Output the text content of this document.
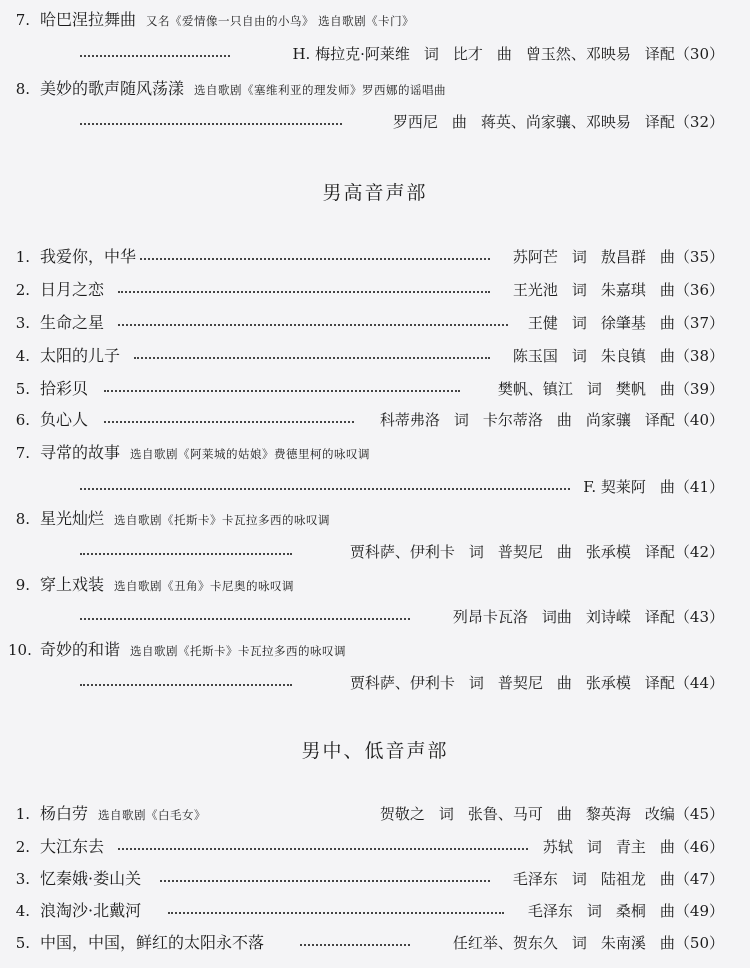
7. 哈巴涅拉舞曲 又名《爱情像一只自由的小鸟》 选自歌剧《卡门》
H. 梅拉克·阿莱维 词 比才 曲 曾玉然、邓映易 译配（30）
8. 美妙的歌声随风荡漾 选自歌剧《塞维利亚的理发师》罗西娜的谣唱曲
罗西尼 曲 蒋英、尚家骧、邓映易 译配（32）
男高音声部
1. 我爱你，中华	苏阿芒 词 敖昌群 曲（35）
2. 日月之恋	王光池 词 朱嘉琪 曲（36）
3. 生命之星	王健 词 徐肇基 曲（37）
4. 太阳的儿子	陈玉国 词 朱良镇 曲（38）
5. 拾彩贝	樊帆、镇江 词 樊帆 曲（39）
6. 负心人	科蒂弗洛 词 卡尔蒂洛 曲 尚家骧 译配（40）
7. 寻常的故事 选自歌剧《阿莱城的姑娘》费德里柯的咏叹调
F. 契莱阿 曲（41）
8. 星光灿烂 选自歌剧《托斯卡》卡瓦拉多西的咏叹调
贾科萨、伊利卡 词 普契尼 曲 张承模 译配（42）
9. 穿上戏装 选自歌剧《丑角》卡尼奥的咏叹调
列昂卡瓦洛 词曲 刘诗嵘 译配（43）
10. 奇妙的和谐 选自歌剧《托斯卡》卡瓦拉多西的咏叹调
贾科萨、伊利卡 词 普契尼 曲 张承模 译配（44）
男中、低音声部
1. 杨白劳 选自歌剧《白毛女》	贺敬之 词 张鲁、马可 曲 黎英海 改编（45）
2. 大江东去	苏轼 词 青主 曲（46）
3. 忆秦娥·娄山关	毛泽东 词 陆祖龙 曲（47）
4. 浪淘沙·北戴河	毛泽东 词 桑桐 曲（49）
5. 中国，中国，鲜红的太阳永不落	任红举、贺东久 词 朱南溪 曲（50）
